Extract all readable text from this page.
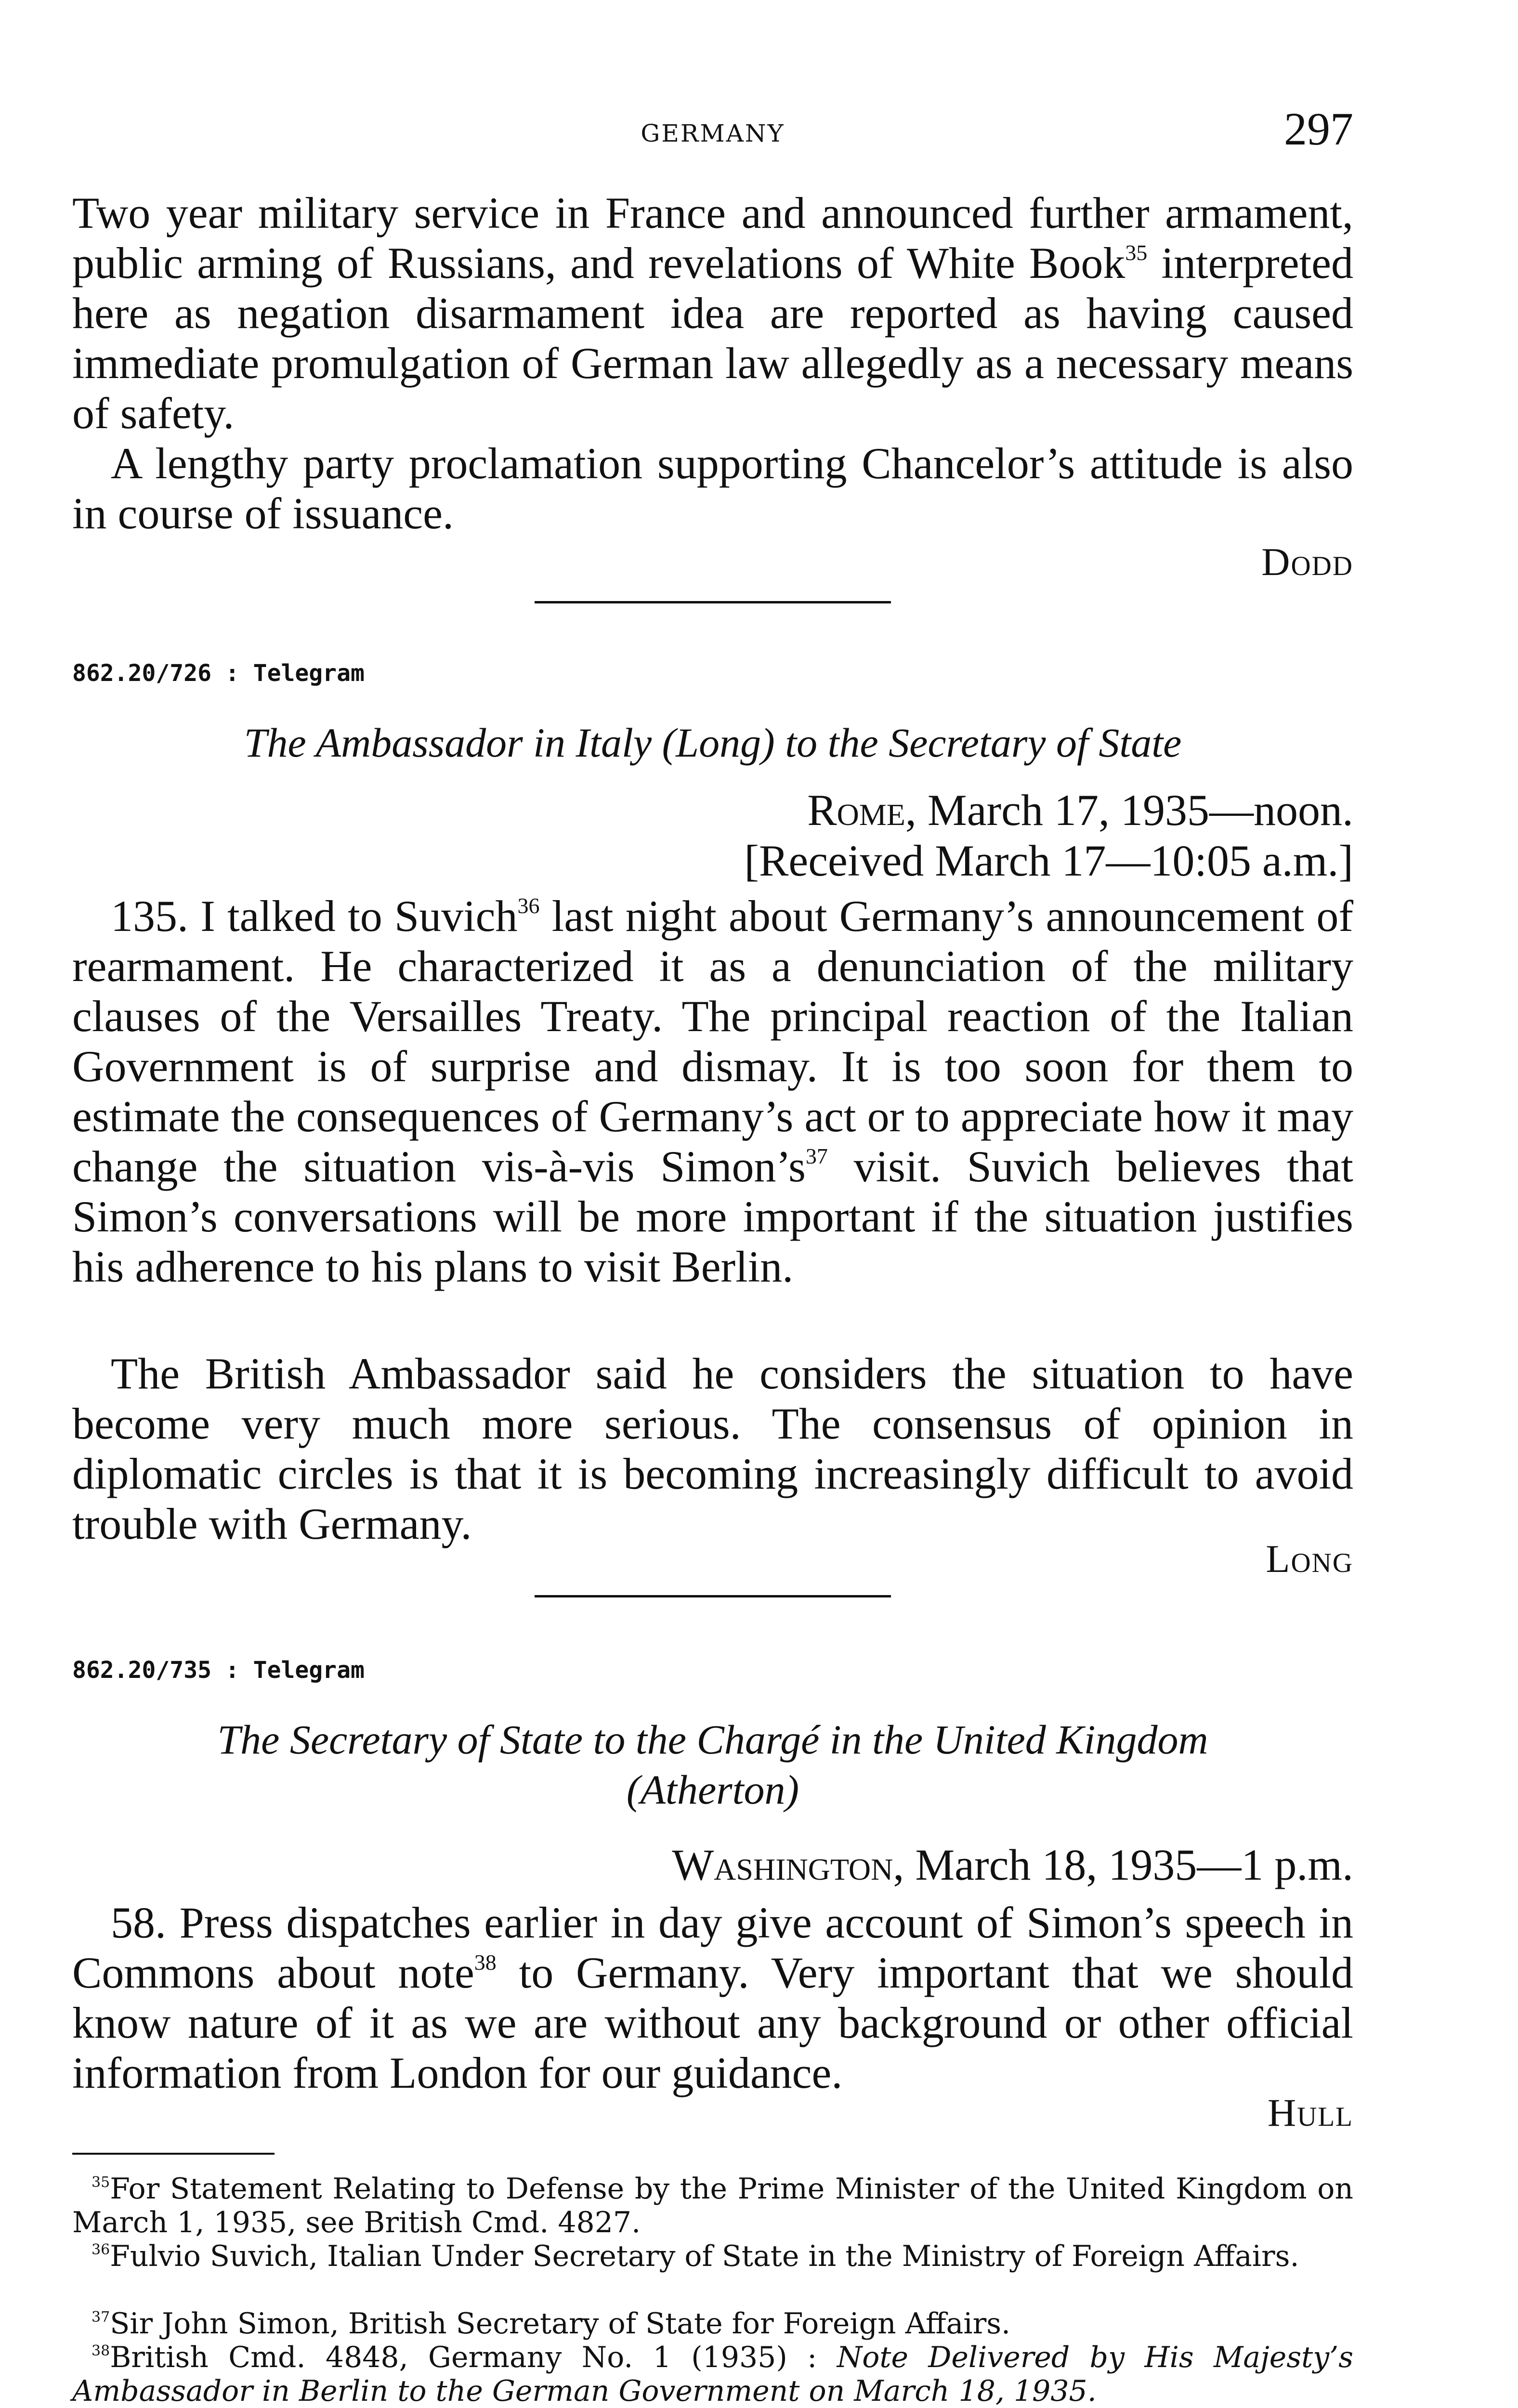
GERMANY	297
Two year military service in France and announced further armament, public arming of Russians, and revelations of White Book$^{35}$ interpreted here as negation disarmament idea are reported as having caused immediate promulgation of German law allegedly as a necessary means of safety.
A lengthy party proclamation supporting Chancelor’s attitude is also in course of issuance.
Dodd
862.20/726 : Telegram
The Ambassador in Italy (Long) to the Secretary of State
Rome, March 17, 1935—noon.
[Received March 17—10:05 a.m.]
135. I talked to Suvich$^{36}$ last night about Germany’s announcement of rearmament. He characterized it as a denunciation of the military clauses of the Versailles Treaty. The principal reaction of the Italian Government is of surprise and dismay. It is too soon for them to estimate the consequences of Germany’s act or to appreciate how it may change the situation vis-à-vis $Simon’s^{37}$ visit. Suvich believes that Simon’s conversations will be more important if the situation justifies his adherence to his plans to visit Berlin.
The British Ambassador said he considers the situation to have become very much more serious. The consensus of opinion in diplomatic circles is that it is becoming increasingly difficult to avoid trouble with Germany.
Long
862.20/735 : Telegram
The Secretary of State to the Chargé in the United Kingdom
(Atherton)
Washington, March 18, 1935—1 p.m.
58. Press dispatches earlier in day give account of Simon’s speech in Commons about note$^{38}$ to Germany. Very important that we should know nature of it as we are without any background or other official information from London for our guidance.
Hull
$^{35}$For Statement Relating to Defense by the Prime Minister of the United Kingdom on March 1, 1935, see British Cmd. 4827.
$^{36}$Fulvio Suvich, Italian Under Secretary of State in the Ministry of Foreign Affairs.
$^{37}$Sir John Simon, British Secretary of State for Foreign Affairs.
$^{38}$British Cmd. 4848, Germany No. 1 (1935) : Note Delivered by His Majesty’s Ambassador in Berlin to the German Government on March 18, 1935.
